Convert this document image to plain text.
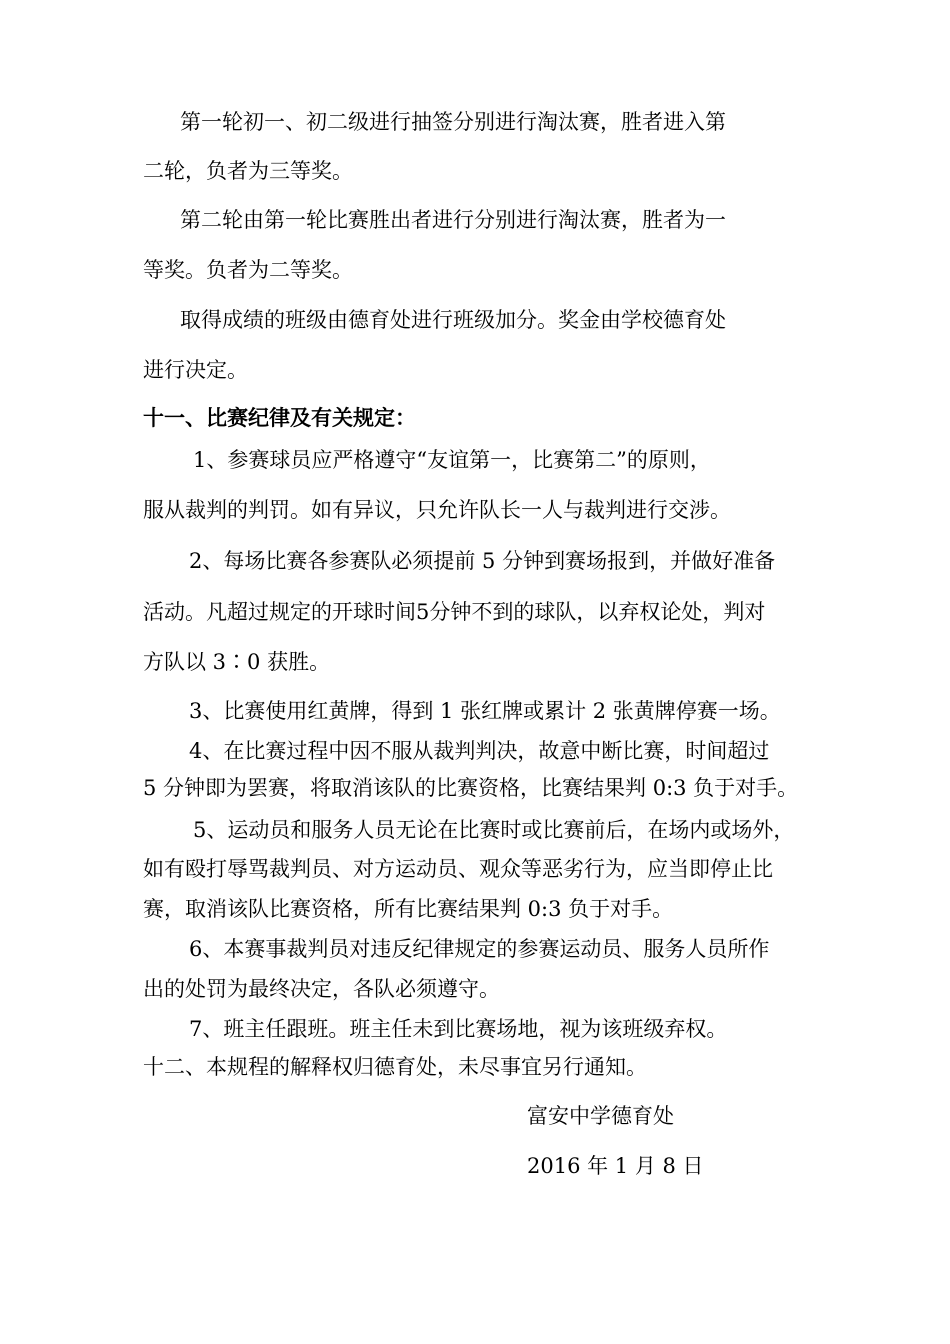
第一轮初一、初二级进行抽签分别进行淘汰赛，胜者进入第
二轮，负者为三等奖。
第二轮由第一轮比赛胜出者进行分别进行淘汰赛，胜者为一
等奖。负者为二等奖。
取得成绩的班级由德育处进行班级加分。奖金由学校德育处
进行决定。
十一、比赛纪律及有关规定：
1、参赛球员应严格遵守“友谊第一，比赛第二”的原则，
服从裁判的判罚。如有异议，只允许队长一人与裁判进行交涉。
2、每场比赛各参赛队必须提前 5 分钟到赛场报到，并做好准备
活动。凡超过规定的开球时间5分钟不到的球队，以弃权论处，判对
方队以 3∶0 获胜。
3、比赛使用红黄牌，得到 1 张红牌或累计 2 张黄牌停赛一场。
4、在比赛过程中因不服从裁判判决，故意中断比赛，时间超过
5 分钟即为罢赛，将取消该队的比赛资格，比赛结果判 0:3 负于对手。
5、运动员和服务人员无论在比赛时或比赛前后，在场内或场外，
如有殴打辱骂裁判员、对方运动员、观众等恶劣行为，应当即停止比
赛，取消该队比赛资格，所有比赛结果判 0:3 负于对手。
6、本赛事裁判员对违反纪律规定的参赛运动员、服务人员所作
出的处罚为最终决定，各队必须遵守。
7、班主任跟班。班主任未到比赛场地，视为该班级弃权。
十二、本规程的解释权归德育处，未尽事宜另行通知。
富安中学德育处
2016 年 1 月 8 日
